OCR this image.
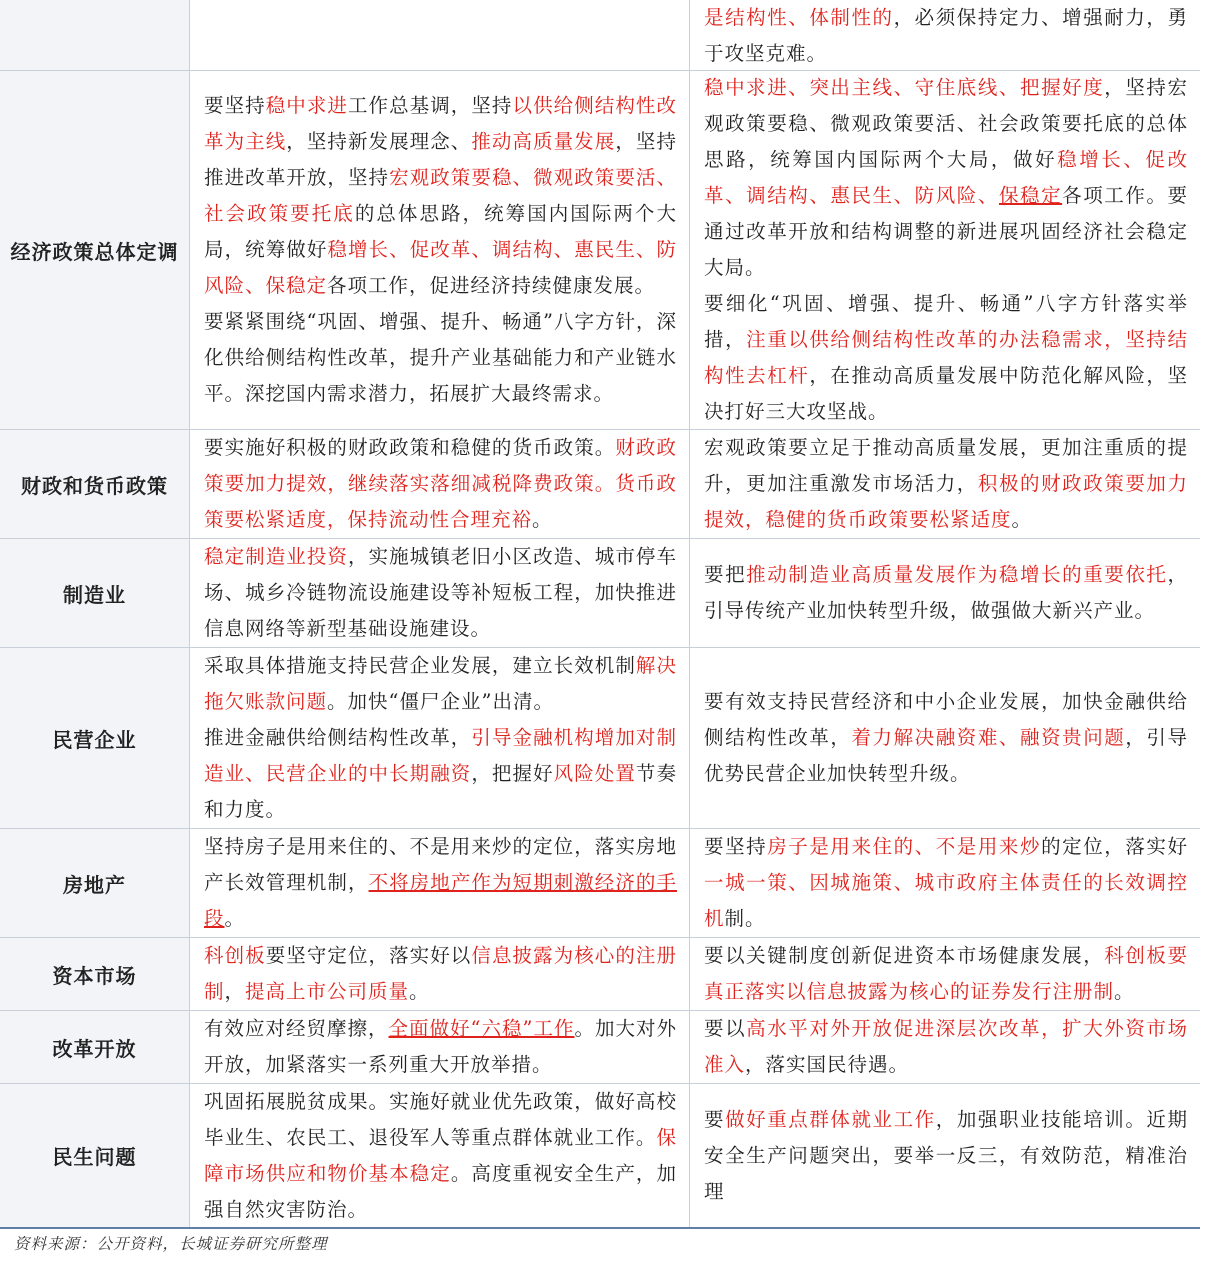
是结构性、体制性的，必须保持定力、增强耐力，勇于攻坚克难。

经济政策总体定调

要坚持稳中求进工作总基调，坚持以供给侧结构性改革为主线，坚持新发展理念、推动高质量发展，坚持推进改革开放，坚持宏观政策要稳、微观政策要活、社会政策要托底的总体思路，统筹国内国际两个大局，统筹做好稳增长、促改革、调结构、惠民生、防风险、保稳定各项工作，促进经济持续健康发展。

要紧紧围绕“巩固、增强、提升、畅通”八字方针，深化供给侧结构性改革，提升产业基础能力和产业链水平。深挖国内需求潜力，拓展扩大最终需求。

稳中求进、突出主线、守住底线、把握好度，坚持宏观政策要稳、微观政策要活、社会政策要托底的总体思路，统筹国内国际两个大局，做好稳增长、促改革、调结构、惠民生、防风险、保稳定各项工作。要通过改革开放和结构调整的新进展巩固经济社会稳定大局。

要细化“巩固、增强、提升、畅通”八字方针落实举措，注重以供给侧结构性改革的办法稳需求，坚持结构性去杠杆，在推动高质量发展中防范化解风险，坚决打好三大攻坚战。

财政和货币政策

要实施好积极的财政政策和稳健的货币政策。财政政策要加力提效，继续落实落细减税降费政策。货币政策要松紧适度，保持流动性合理充裕。

宏观政策要立足于推动高质量发展，更加注重质的提升，更加注重激发市场活力，积极的财政政策要加力提效，稳健的货币政策要松紧适度。

制造业

稳定制造业投资，实施城镇老旧小区改造、城市停车场、城乡冷链物流设施建设等补短板工程，加快推进信息网络等新型基础设施建设。

要把推动制造业高质量发展作为稳增长的重要依托，引导传统产业加快转型升级，做强做大新兴产业。

民营企业

采取具体措施支持民营企业发展，建立长效机制解决拖欠账款问题。加快“僵尸企业”出清。

推进金融供给侧结构性改革，引导金融机构增加对制造业、民营企业的中长期融资，把握好风险处置节奏和力度。

要有效支持民营经济和中小企业发展，加快金融供给侧结构性改革，着力解决融资难、融资贵问题，引导优势民营企业加快转型升级。

房地产

坚持房子是用来住的、不是用来炒的定位，落实房地产长效管理机制，不将房地产作为短期刺激经济的手段。

要坚持房子是用来住的、不是用来炒的定位，落实好一城一策、因城施策、城市政府主体责任的长效调控机制。

资本市场

科创板要坚守定位，落实好以信息披露为核心的注册制，提高上市公司质量。

要以关键制度创新促进资本市场健康发展，科创板要真正落实以信息披露为核心的证券发行注册制。

改革开放

有效应对经贸摩擦，全面做好“六稳”工作。加大对外开放，加紧落实一系列重大开放举措。

要以高水平对外开放促进深层次改革，扩大外资市场准入，落实国民待遇。

民生问题

巩固拓展脱贫成果。实施好就业优先政策，做好高校毕业生、农民工、退役军人等重点群体就业工作。保障市场供应和物价基本稳定。高度重视安全生产，加强自然灾害防治。

要做好重点群体就业工作，加强职业技能培训。近期安全生产问题突出，要举一反三，有效防范，精准治理

资料来源：公开资料，长城证券研究所整理
